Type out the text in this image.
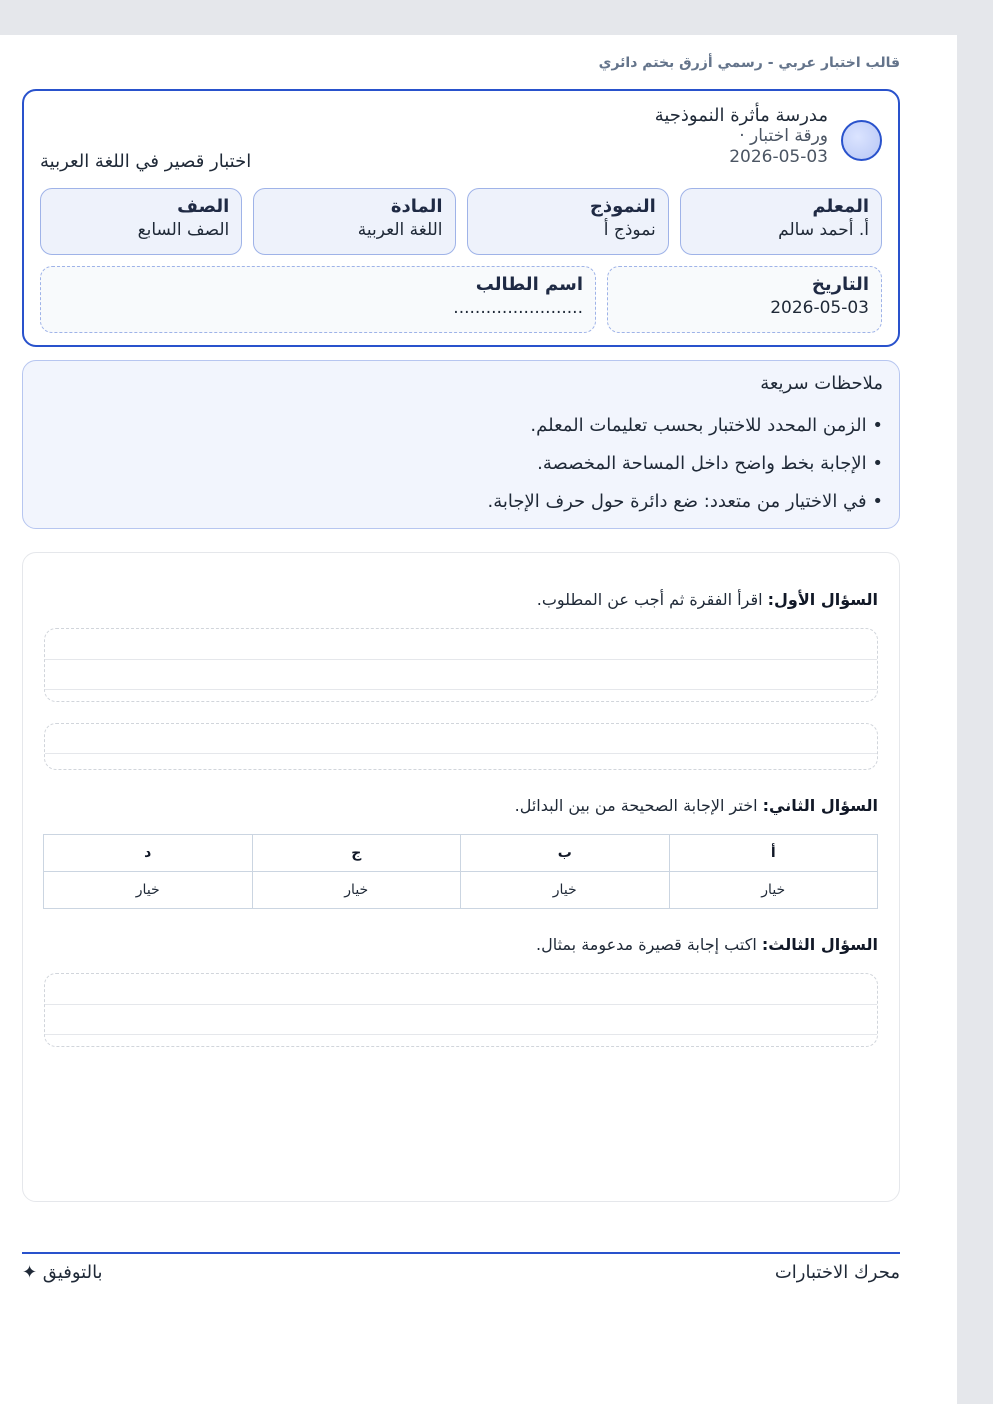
قالب اختبار عربي - رسمي أزرق بختم دائري
مدرسة مأثرة النموذجية
ورقة اختبار ·
2026-05-03
اختبار قصير في اللغة العربية
المعلم
أ. أحمد سالم
النموذج
نموذج أ
المادة
اللغة العربية
الصف
الصف السابع
التاريخ
2026-05-03
اسم الطالب
........................
ملاحظات سريعة
• الزمن المحدد للاختبار بحسب تعليمات المعلم.
• الإجابة بخط واضح داخل المساحة المخصصة.
• في الاختيار من متعدد: ضع دائرة حول حرف الإجابة.
السؤال الأول: اقرأ الفقرة ثم أجب عن المطلوب.
السؤال الثاني: اختر الإجابة الصحيحة من بين البدائل.
أ	ب	ج	د
خيار	خيار	خيار	خيار
السؤال الثالث: اكتب إجابة قصيرة مدعومة بمثال.
محرك الاختبارات
بالتوفيق ✦
